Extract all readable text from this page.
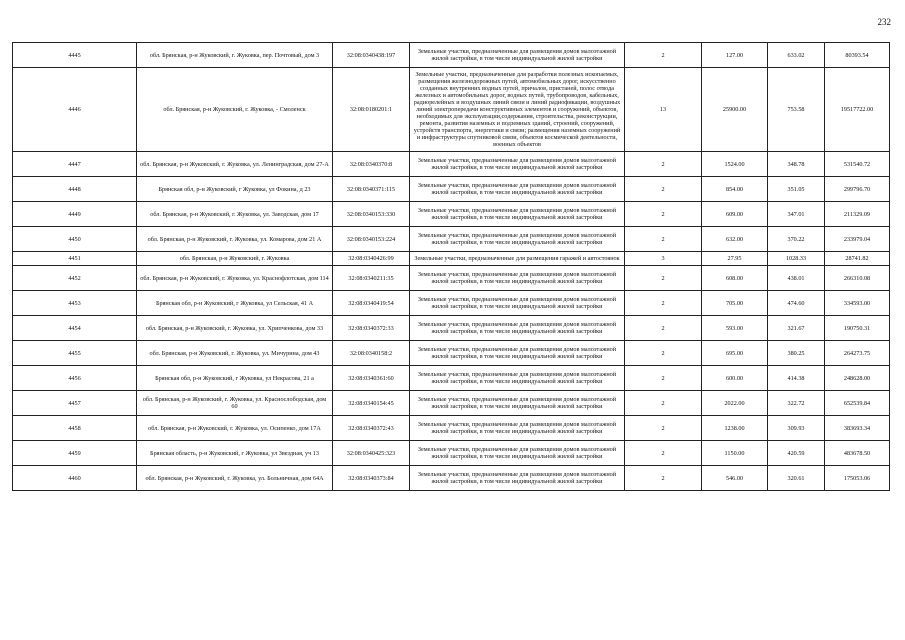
232
4445	обл. Брянская, р-н Жуковский, г. Жуковка, пер. Почтовый, дом 3	32:08:0340438:197	Земельные участки, предназначенные для размещения домов малоэтажной жилой застройки, в том числе индивидуальной жилой застройки	2	127.00	633.02	80393.54
4446	обл. Брянская, р-н Жуковский, г. Жуковка, - Смоленск	32:08:0180201:1	Земельные участки, предназначенные для разработки полезных ископаемых, размещения железнодорожных путей, автомобильных дорог, искусственно созданных внутренних водных путей, причалов, пристаней, полос отвода железных и автомобильных дорог, водных путей, трубопроводов, кабельных, радиорелейных и воздушных линий связи и линий радиофикации, воздушных линий электропередачи конструктивных элементов и сооружений, объектов, необходимых для эксплуатации,содержания, строительства, реконструкции, ремонта, развития наземных и подземных зданий, строений, сооружений, устройств транспорта, энергетики и связи; размещения наземных сооружений и инфраструктуры спутниковой связи, объектов космической деятельности, военных объектов	13	25900.00	753.58	19517722.00
4447	обл. Брянская, р-н Жуковский, г. Жуковка, ул. Ленинградская, дом 27-А	32:08:0340370:8	Земельные участки, предназначенные для размещения домов малоэтажной жилой застройки, в том числе индивидуальной жилой застройки	2	1524.00	348.78	531540.72
4448	Брянская обл, р-н Жуковский, г Жуковка, ул Фокина, д 23	32:08:0340371:115	Земельные участки, предназначенные для размещения домов малоэтажной жилой застройки, в том числе индивидуальной жилой застройки	2	854.00	351.05	299796.70
4449	обл. Брянская, р-н Жуковский, г. Жуковка, ул. Заводская, дом 17	32:08:0340153:330	Земельные участки, предназначенные для размещения домов малоэтажной жилой застройки, в том числе индивидуальной жилой застройки	2	609.00	347.01	211329.09
4450	обл. Брянская, р-н Жуковский, г. Жуковка, ул. Комарова, дом 21 А	32:08:0340153:224	Земельные участки, предназначенные для размещения домов малоэтажной жилой застройки, в том числе индивидуальной жилой застройки	2	632.00	370.22	233979.04
4451	обл. Брянская, р-н Жуковский, г. Жуковка	32:08:0340426:99	Земельные участки, предназначенные для размещения гаражей и автостоянок	3	27.95	1028.33	28741.82
4452	обл. Брянская, р-н Жуковский, г. Жуковка, ул. Краснофлотская, дом 114	32:08:0340211:35	Земельные участки, предназначенные для размещения домов малоэтажной жилой застройки, в том числе индивидуальной жилой застройки	2	608.00	438.01	266310.08
4453	Брянская обл, р-н Жуковский, г Жуковка, ул Сельская, 41 А	32:08:0340419:54	Земельные участки, предназначенные для размещения домов малоэтажной жилой застройки, в том числе индивидуальной жилой застройки	2	705.00	474.60	334593.00
4454	обл. Брянская, р-н Жуковский, г. Жуковка, ул. Хрипченкова, дом 33	32:08:0340372:33	Земельные участки, предназначенные для размещения домов малоэтажной жилой застройки, в том числе индивидуальной жилой застройки	2	593.00	321.67	190750.31
4455	обл. Брянская, р-н Жуковский, г. Жуковка, ул. Мичурина, дом 43	32:08:0340158:2	Земельные участки, предназначенные для размещения домов малоэтажной жилой застройки, в том числе индивидуальной жилой застройки	2	695.00	380.25	264273.75
4456	Брянская обл, р-н Жуковский, г Жуковка, ул Некрасова, 21 а	32:08:0340361:60	Земельные участки, предназначенные для размещения домов малоэтажной жилой застройки, в том числе индивидуальной жилой застройки	2	600.00	414.38	248628.00
4457	обл. Брянская, р-н Жуковский, г. Жуковка, ул. Краснослободская, дом 60	32:08:0340154:45	Земельные участки, предназначенные для размещения домов малоэтажной жилой застройки, в том числе индивидуальной жилой застройки	2	2022.00	322.72	652539.84
4458	обл. Брянская, р-н Жуковский, г. Жуковка, ул. Осипенко, дом 17А	32:08:0340372:43	Земельные участки, предназначенные для размещения домов малоэтажной жилой застройки, в том числе индивидуальной жилой застройки	2	1238.00	309.93	383693.34
4459	Брянская область, р-н Жуковский, г Жуковка, ул Звездная, уч 13	32:08:0340425:323	Земельные участки, предназначенные для размещения домов малоэтажной жилой застройки, в том числе индивидуальной жилой застройки	2	1150.00	420.59	483678.50
4460	обл. Брянская, р-н Жуковский, г. Жуковка, ул. Больничная, дом 64А	32:08:0340373:84	Земельные участки, предназначенные для размещения домов малоэтажной жилой застройки, в том числе индивидуальной жилой застройки	2	546.00	320.61	175053.06
